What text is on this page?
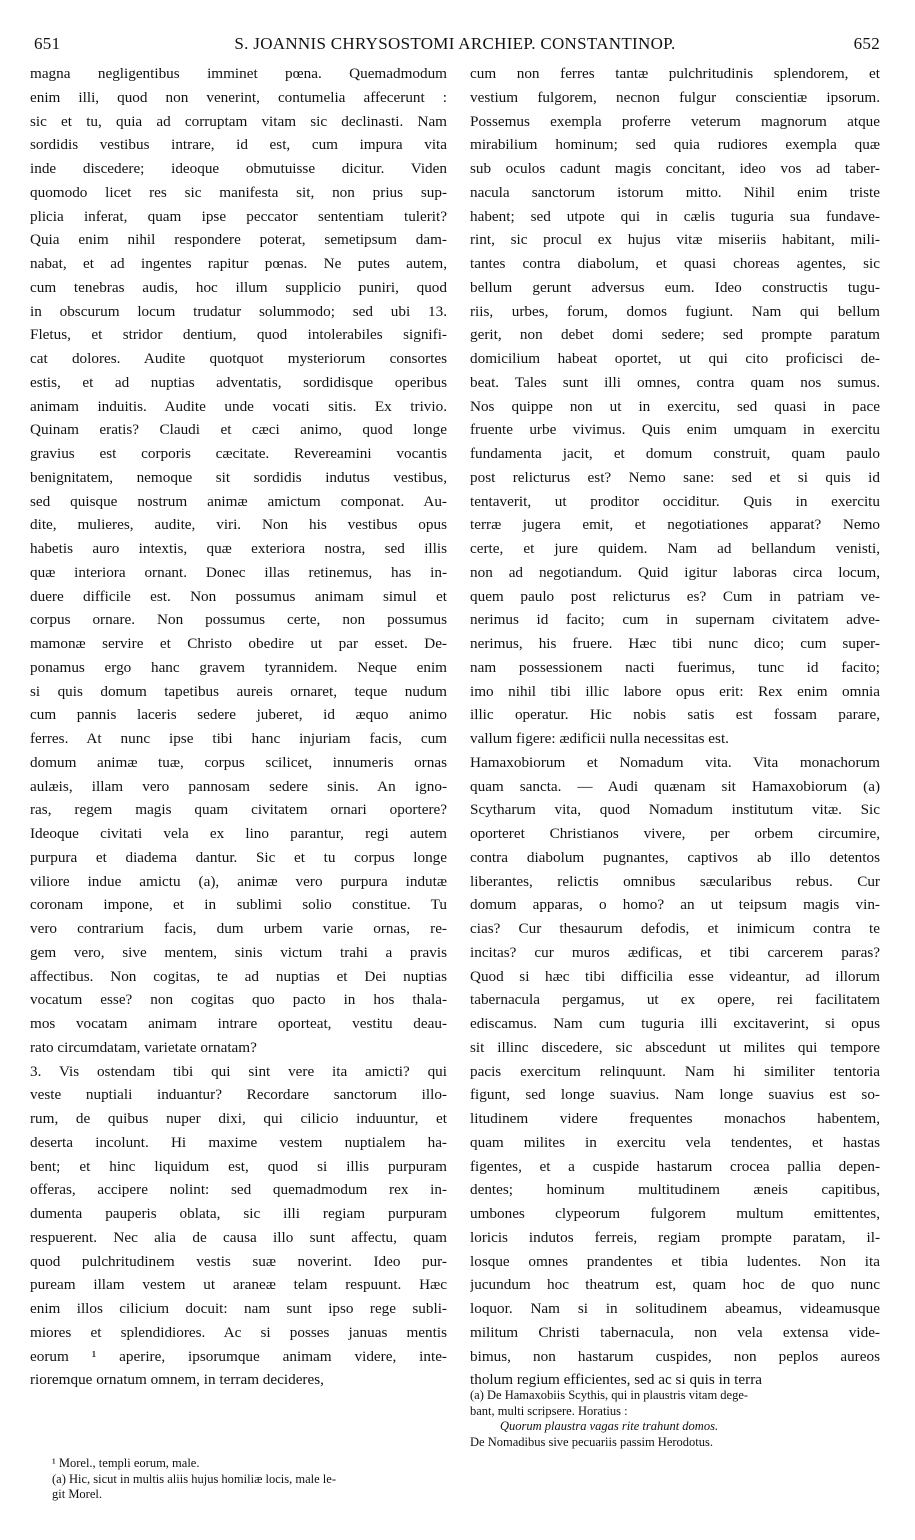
651	S. JOANNIS CHRYSOSTOMI ARCHIEP. CONSTANTINOP.	652
magna negligentibus imminet pœna. Quemadmodum
enim illi, quod non venerint, contumelia affecerunt :
sic et tu, quia ad corruptam vitam sic declinasti. Nam
sordidis vestibus intrare, id est, cum impura vita
inde discedere; ideoque obmutuisse dicitur. Viden
quomodo licet res sic manifesta sit, non prius sup-
plicia inferat, quam ipse peccator sententiam tulerit?
Quia enim nihil respondere poterat, semetipsum dam-
nabat, et ad ingentes rapitur pœnas. Ne putes autem,
cum tenebras audis, hoc illum supplicio puniri, quod
in obscurum locum trudatur solummodo; sed ubi 13.
Fletus, et stridor dentium, quod intolerabiles signifi-
cat dolores. Audite quotquot mysteriorum consortes
estis, et ad nuptias adventatis, sordidisque operibus
animam induitis. Audite unde vocati sitis. Ex trivio.
Quinam eratis? Claudi et cæci animo, quod longe
gravius est corporis cæcitate. Revereamini vocantis
benignitatem, nemoque sit sordidis indutus vestibus,
sed quisque nostrum animæ amictum componat. Au-
dite, mulieres, audite, viri. Non his vestibus opus
habetis auro intextis, quæ exteriora nostra, sed illis
quæ interiora ornant. Donec illas retinemus, has in-
duere difficile est. Non possumus animam simul et
corpus ornare. Non possumus certe, non possumus
mamonæ servire et Christo obedire ut par esset. De-
ponamus ergo hanc gravem tyrannidem. Neque enim
si quis domum tapetibus aureis ornaret, teque nudum
cum pannis laceris sedere juberet, id æquo animo
ferres. At nunc ipse tibi hanc injuriam facis, cum
domum animæ tuæ, corpus scilicet, innumeris ornas
aulæis, illam vero pannosam sedere sinis. An igno-
ras, regem magis quam civitatem ornari oportere?
Ideoque civitati vela ex lino parantur, regi autem
purpura et diadema dantur. Sic et tu corpus longe
viliore indue amictu (a), animæ vero purpura indutæ
coronam impone, et in sublimi solio constitue. Tu
vero contrarium facis, dum urbem varie ornas, re-
gem vero, sive mentem, sinis victum trahi a pravis
affectibus. Non cogitas, te ad nuptias et Dei nuptias
vocatum esse? non cogitas quo pacto in hos thala-
mos vocatam animam intrare oporteat, vestitu deau-
rato circumdatam, varietate ornatam?
3. Vis ostendam tibi qui sint vere ita amicti? qui
veste nuptiali induantur? Recordare sanctorum illo-
rum, de quibus nuper dixi, qui cilicio induuntur, et
deserta incolunt. Hi maxime vestem nuptialem ha-
bent; et hinc liquidum est, quod si illis purpuram
offeras, accipere nolint: sed quemadmodum rex in-
dumenta pauperis oblata, sic illi regiam purpuram
respuerent. Nec alia de causa illo sunt affectu, quam
quod pulchritudinem vestis suæ noverint. Ideo pur-
puream illam vestem ut araneæ telam respuunt. Hæc
enim illos cilicium docuit: nam sunt ipso rege subli-
miores et splendidiores. Ac si posses januas mentis
eorum ¹ aperire, ipsorumque animam videre, inte-
rioremque ornatum omnem, in terram decideres,
cum non ferres tantæ pulchritudinis splendorem, et
vestium fulgorem, necnon fulgur conscientiæ ipsorum.
Possemus exempla proferre veterum magnorum atque
mirabilium hominum; sed quia rudiores exempla quæ
sub oculos cadunt magis concitant, ideo vos ad taber-
nacula sanctorum istorum mitto. Nihil enim triste
habent; sed utpote qui in cælis tuguria sua fundave-
rint, sic procul ex hujus vitæ miseriis habitant, mili-
tantes contra diabolum, et quasi choreas agentes, sic
bellum gerunt adversus eum. Ideo constructis tugu-
riis, urbes, forum, domos fugiunt. Nam qui bellum
gerit, non debet domi sedere; sed prompte paratum
domicilium habeat oportet, ut qui cito proficisci de-
beat. Tales sunt illi omnes, contra quam nos sumus.
Nos quippe non ut in exercitu, sed quasi in pace
fruente urbe vivimus. Quis enim umquam in exercitu
fundamenta jacit, et domum construit, quam paulo
post relicturus est? Nemo sane: sed et si quis id
tentaverit, ut proditor occiditur. Quis in exercitu
terræ jugera emit, et negotiationes apparat? Nemo
certe, et jure quidem. Nam ad bellandum venisti,
non ad negotiandum. Quid igitur laboras circa locum,
quem paulo post relicturus es? Cum in patriam ve-
nerimus id facito; cum in supernam civitatem adve-
nerimus, his fruere. Hæc tibi nunc dico; cum super-
nam possessionem nacti fuerimus, tunc id facito;
imo nihil tibi illic labore opus erit: Rex enim omnia
illic operatur. Hic nobis satis est fossam parare,
vallum figere: ædificii nulla necessitas est.
Hamaxobiorum et Nomadum vita. Vita monachorum
quam sancta. — Audi quænam sit Hamaxobiorum (a)
Scytharum vita, quod Nomadum institutum vitæ. Sic
oporteret Christianos vivere, per orbem circumire,
contra diabolum pugnantes, captivos ab illo detentos
liberantes, relictis omnibus sæcularibus rebus. Cur
domum apparas, o homo? an ut teipsum magis vin-
cias? Cur thesaurum defodis, et inimicum contra te
incitas? cur muros ædificas, et tibi carcerem paras?
Quod si hæc tibi difficilia esse videantur, ad illorum
tabernacula pergamus, ut ex opere, rei facilitatem
ediscamus. Nam cum tuguria illi excitaverint, si opus
sit illinc discedere, sic abscedunt ut milites qui tempore
pacis exercitum relinquunt. Nam hi similiter tentoria
figunt, sed longe suavius. Nam longe suavius est so-
litudinem videre frequentes monachos habentem,
quam milites in exercitu vela tendentes, et hastas
figentes, et a cuspide hastarum crocea pallia depen-
dentes; hominum multitudinem æneis capitibus,
umbones clypeorum fulgorem multum emittentes,
loricis indutos ferreis, regiam prompte paratam, il-
losque omnes prandentes et tibia ludentes. Non ita
jucundum hoc theatrum est, quam hoc de quo nunc
loquor. Nam si in solitudinem abeamus, videamusque
militum Christi tabernacula, non vela extensa vide-
bimus, non hastarum cuspides, non peplos aureos
tholum regium efficientes, sed ac si quis in terra
¹ Morel., templi eorum, male.
(a) Hic, sicut in multis aliis hujus homiliæ locis, male le-
git Morel.
(a) De Hamaxobiis Scythis, qui in plaustris vitam dege-
bant, multi scripsere. Horatius :
Quorum plaustra vagas rite trahunt domos.
De Nomadibus sive pecuariis passim Herodotus.
